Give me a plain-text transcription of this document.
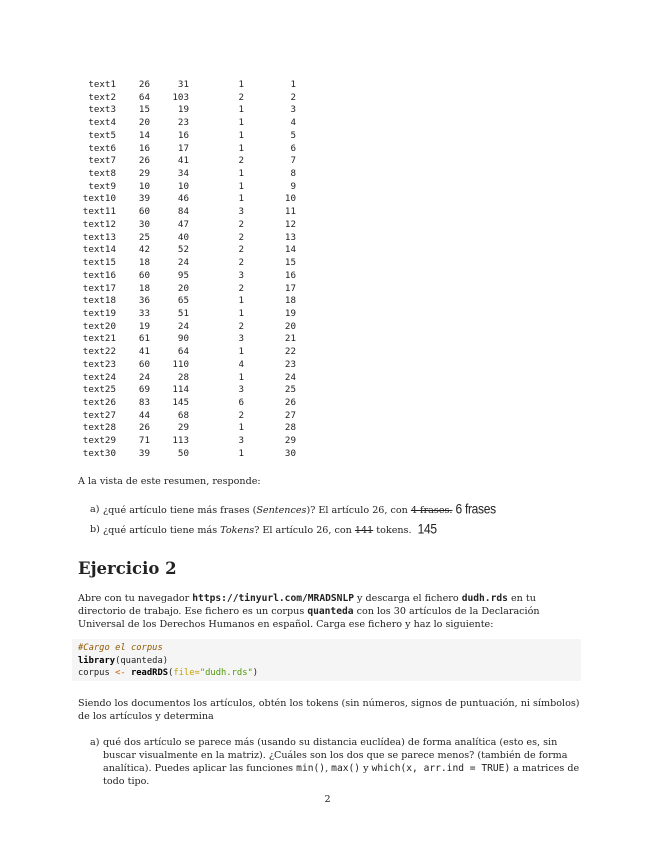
text1	26	31	1	1
text2	64	103	2	2
text3	15	19	1	3
text4	20	23	1	4
text5	14	16	1	5
text6	16	17	1	6
text7	26	41	2	7
text8	29	34	1	8
text9	10	10	1	9
text10	39	46	1	10
text11	60	84	3	11
text12	30	47	2	12
text13	25	40	2	13
text14	42	52	2	14
text15	18	24	2	15
text16	60	95	3	16
text17	18	20	2	17
text18	36	65	1	18
text19	33	51	1	19
text20	19	24	2	20
text21	61	90	3	21
text22	41	64	1	22
text23	60	110	4	23
text24	24	28	1	24
text25	69	114	3	25
text26	83	145	6	26
text27	44	68	2	27
text28	26	29	1	28
text29	71	113	3	29
text30	39	50	1	30
A la vista de este resumen, responde:
a) ¿qué artículo tiene más frases (Sentences)? El artículo 26, con 4 frases. 6 frases
b) ¿qué artículo tiene más Tokens? El artículo 26, con 141 tokens. 145
Ejercicio 2
Abre con tu navegador https://tinyurl.com/MRADSNLP y descarga el fichero dudh.rds en tu directorio de trabajo. Ese fichero es un corpus quanteda con los 30 artículos de la Declaración Universal de los Derechos Humanos en español. Carga ese fichero y haz lo siguiente:
#Cargo el corpus
library(quanteda)
corpus <- readRDS(file="dudh.rds")
Siendo los documentos los artículos, obtén los tokens (sin números, signos de puntuación, ni símbolos) de los artículos y determina
a) qué dos artículo se parece más (usando su distancia euclídea) de forma analítica (esto es, sin buscar visualmente en la matriz). ¿Cuáles son los dos que se parece menos? (también de forma analítica). Puedes aplicar las funciones min(), max() y which(x, arr.ind = TRUE) a matrices de todo tipo.
2
